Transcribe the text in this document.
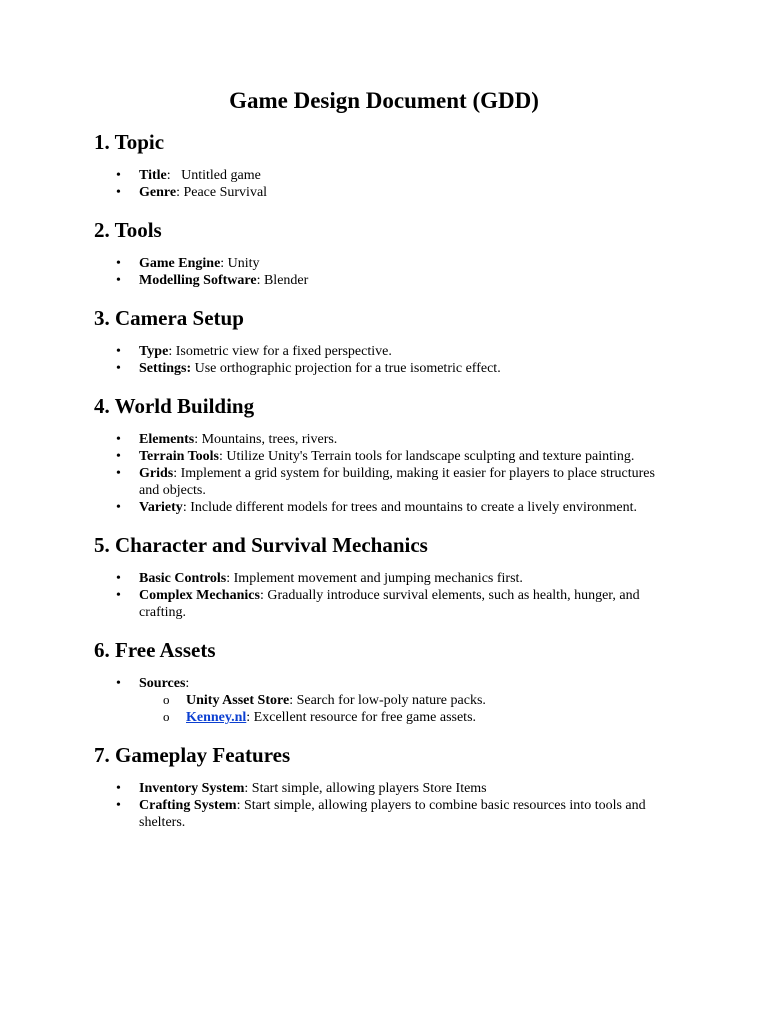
Game Design Document (GDD)
1. Topic
• Title:   Untitled game
• Genre: Peace Survival
2. Tools
• Game Engine: Unity
• Modelling Software: Blender
3. Camera Setup
• Type: Isometric view for a fixed perspective.
• Settings: Use orthographic projection for a true isometric effect.
4. World Building
• Elements: Mountains, trees, rivers.
• Terrain Tools: Utilize Unity's Terrain tools for landscape sculpting and texture painting.
• Grids: Implement a grid system for building, making it easier for players to place structures and objects.
• Variety: Include different models for trees and mountains to create a lively environment.
5. Character and Survival Mechanics
• Basic Controls: Implement movement and jumping mechanics first.
• Complex Mechanics: Gradually introduce survival elements, such as health, hunger, and crafting.
6. Free Assets
• Sources:
o Unity Asset Store: Search for low-poly nature packs.
o Kenney.nl: Excellent resource for free game assets.
7. Gameplay Features
• Inventory System: Start simple, allowing players Store Items
• Crafting System: Start simple, allowing players to combine basic resources into tools and shelters.
